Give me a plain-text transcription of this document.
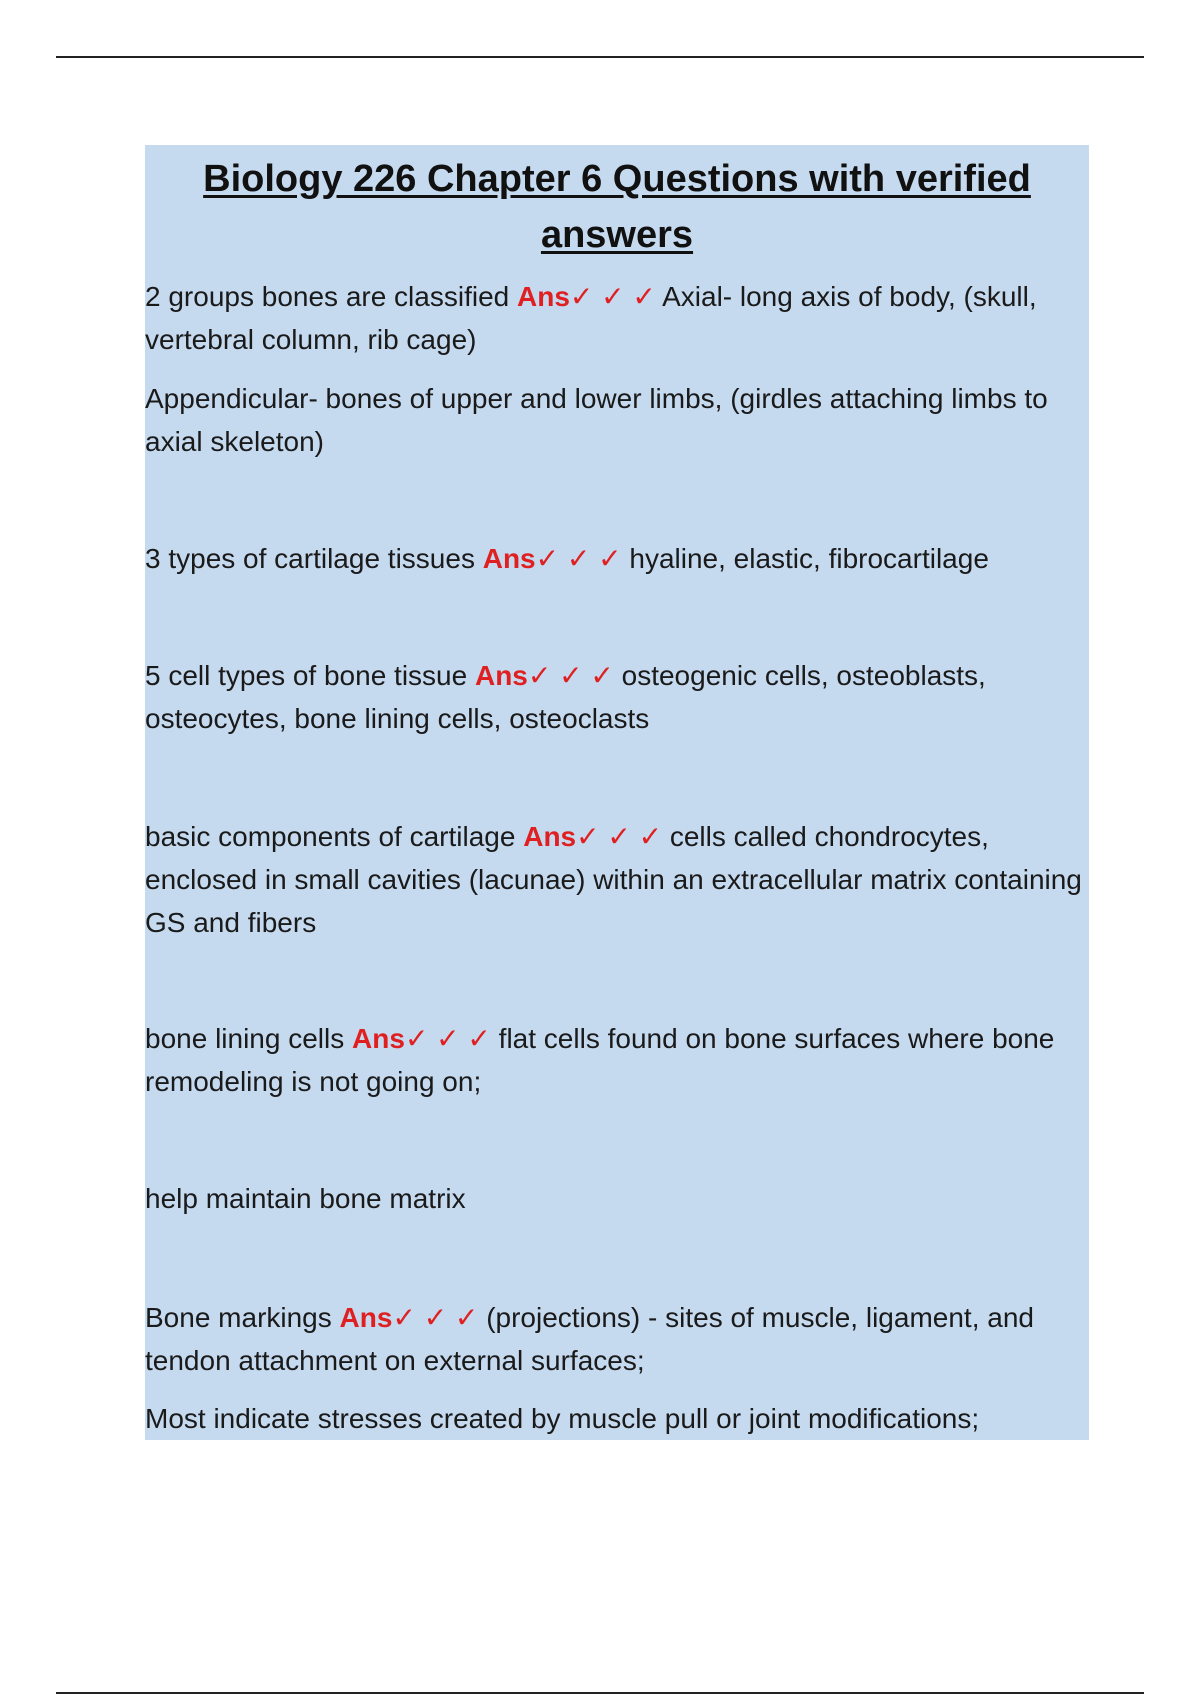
Biology 226 Chapter 6 Questions with verified
answers

2 groups bones are classified Ans✓ ✓ ✓ Axial- long axis of body, (skull, vertebral column, rib cage)

Appendicular- bones of upper and lower limbs, (girdles attaching limbs to axial skeleton)

3 types of cartilage tissues Ans✓ ✓ ✓ hyaline, elastic, fibrocartilage

5 cell types of bone tissue Ans✓ ✓ ✓ osteogenic cells, osteoblasts, osteocytes, bone lining cells, osteoclasts

basic components of cartilage Ans✓ ✓ ✓ cells called chondrocytes, enclosed in small cavities (lacunae) within an extracellular matrix containing GS and fibers

bone lining cells Ans✓ ✓ ✓ flat cells found on bone surfaces where bone remodeling is not going on;

help maintain bone matrix

Bone markings Ans✓ ✓ ✓ (projections) - sites of muscle, ligament, and tendon attachment on external surfaces;

Most indicate stresses created by muscle pull or joint modifications;
